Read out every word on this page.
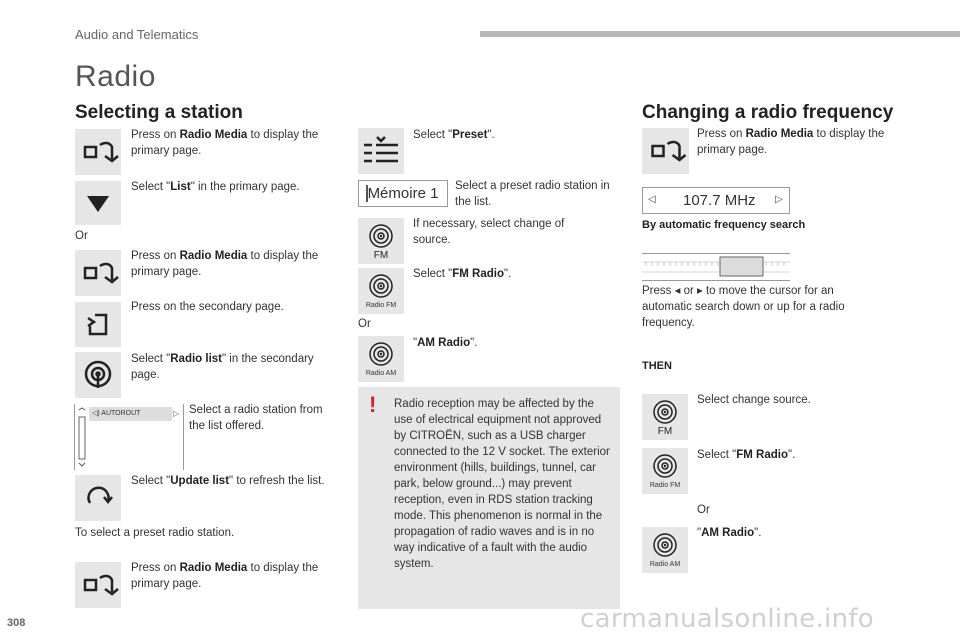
Audio and Telematics
Radio
Selecting a station
Press on Radio Media to display the primary page.
Select "List" in the primary page.
Or
Press on Radio Media to display the primary page.
Press on the secondary page.
Select "Radio list" in the secondary page.
◁) AUTOROUT	▷ Select a radio station from the list offered.
Select "Update list" to refresh the list.
To select a preset radio station.
Press on Radio Media to display the primary page.
Select "Preset".
Mémoire 1 Select a preset radio station in the list.
FM
If necessary, select change of source.
Radio FM
Select "FM Radio".
Or
Radio AM
"AM Radio".
!	Radio reception may be affected by the use of electrical equipment not approved by CITROËN, such as a USB charger connected to the 12 V socket. The exterior environment (hills, buildings, tunnel, car park, below ground...) may prevent reception, even in RDS station tracking mode. This phenomenon is normal in the propagation of radio waves and is in no way indicative of a fault with the audio system.
Changing a radio frequency
Press on Radio Media to display the primary page.
◁ 107.7 MHz ▷
By automatic frequency search
Press ◂ or ▸ to move the cursor for an automatic search down or up for a radio frequency.
THEN
FM
Select change source.
Radio FM
Select "FM Radio".
Or
Radio AM
"AM Radio".
308	carmanualsonline.info
